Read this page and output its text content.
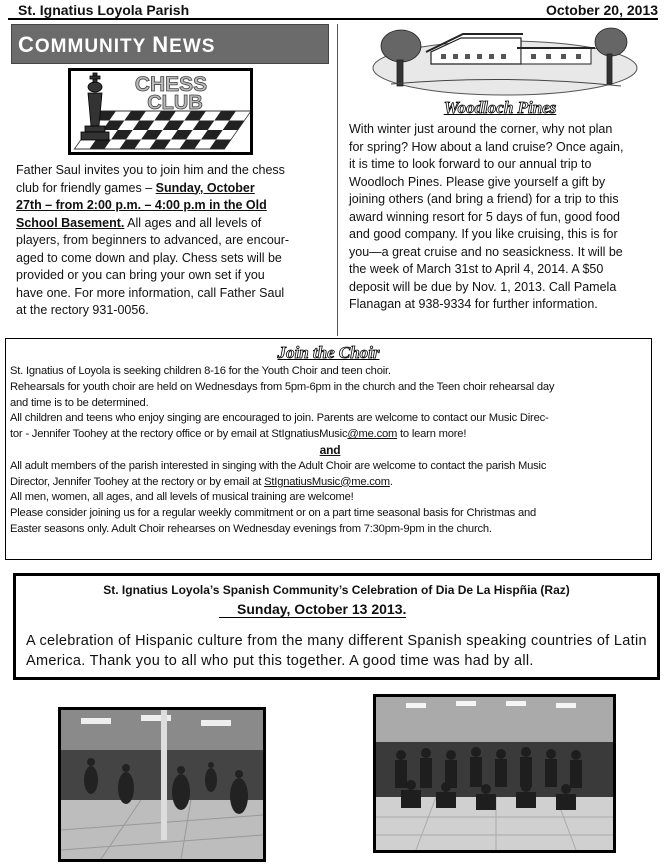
St. Ignatius Loyola Parish	October 20, 2013
COMMUNITY NEWS
CHESS
CLUB
Father Saul invites you to join him and the chess
club for friendly games – Sunday, October
27th – from 2:00 p.m. – 4:00 p.m in the Old
School Basement. All ages and all levels of
players, from beginners to advanced, are encour-
aged to come down and play. Chess sets will be
provided or you can bring your own set if you
have one. For more information, call Father Saul
at the rectory 931-0056.
Woodloch Pines
With winter just around the corner, why not plan
for spring? How about a land cruise? Once again,
it is time to look forward to our annual trip to
Woodloch Pines. Please give yourself a gift by
joining others (and bring a friend) for a trip to this
award winning resort for 5 days of fun, good food
and good company. If you like cruising, this is for
you—a great cruise and no seasickness. It will be
the week of March 31st to April 4, 2014. A $50
deposit will be due by Nov. 1, 2013. Call Pamela
Flanagan at 938-9334 for further information.
Join the Choir
St. Ignatius of Loyola is seeking children 8-16 for the Youth Choir and teen choir.
Rehearsals for youth choir are held on Wednesdays from 5pm-6pm in the church and the Teen choir rehearsal day
and time is to be determined.
All children and teens who enjoy singing are encouraged to join. Parents are welcome to contact our Music Direc-
tor - Jennifer Toohey at the rectory office or by email at StIgnatiusMusic@me.com to learn more!
and
All adult members of the parish interested in singing with the Adult Choir are welcome to contact the parish Music
Director, Jennifer Toohey at the rectory or by email at StIgnatiusMusic@me.com.
All men, women, all ages, and all levels of musical training are welcome!
Please consider joining us for a regular weekly commitment or on a part time seasonal basis for Christmas and
Easter seasons only. Adult Choir rehearses on Wednesday evenings from 7:30pm-9pm in the church.
St. Ignatius Loyola’s Spanish Community’s Celebration of Dia De La Hispñia (Raz)
Sunday, October 13 2013.
A celebration of Hispanic culture from the many different Spanish speaking countries of Latin America. Thank you to all who put this together. A good time was had by all.
